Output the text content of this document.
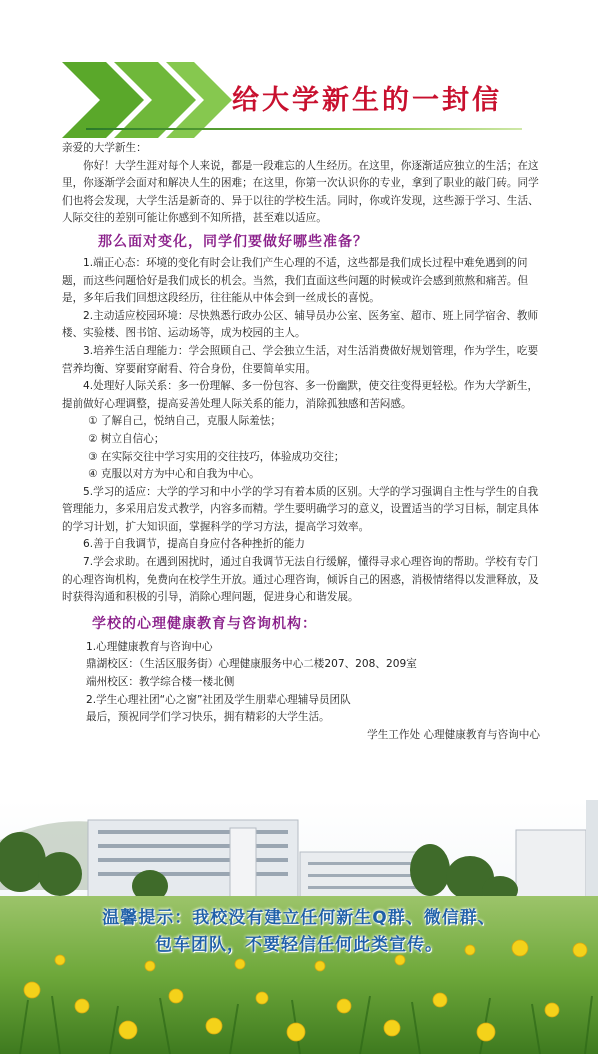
给大学新生的一封信

亲爱的大学新生：

你好！大学生涯对每个人来说，都是一段难忘的人生经历。在这里，你逐渐适应独立的生活；在这里，你逐渐学会面对和解决人生的困难；在这里，你第一次认识你的专业，拿到了职业的敲门砖。同学们也将会发现，大学生活是新奇的、异于以往的学校生活。同时，你或许发现，这些源于学习、生活、人际交往的差别可能让你感到不知所措，甚至难以适应。

那么面对变化，同学们要做好哪些准备？

1.端正心态：环境的变化有时会让我们产生心理的不适，这些都是我们成长过程中难免遇到的问题，而这些问题恰好是我们成长的机会。当然，我们直面这些问题的时候或许会感到煎熬和痛苦。但是，多年后我们回想这段经历，往往能从中体会到一丝成长的喜悦。

2.主动适应校园环境：尽快熟悉行政办公区、辅导员办公室、医务室、超市、班上同学宿舍、教师楼、实验楼、图书馆、运动场等，成为校园的主人。

3.培养生活自理能力：学会照顾自己、学会独立生活，对生活消费做好规划管理，作为学生，吃要营养均衡、穿要耐穿耐看、符合身份，住要简单实用。

4.处理好人际关系：多一份理解、多一份包容、多一份幽默，使交往变得更轻松。作为大学新生，提前做好心理调整，提高妥善处理人际关系的能力，消除孤独感和苦闷感。

① 了解自己，悦纳自己，克服人际羞怯；

② 树立自信心；

③ 在实际交往中学习实用的交往技巧，体验成功交往；

④ 克服以对方为中心和自我为中心。

5.学习的适应：大学的学习和中小学的学习有着本质的区别。大学的学习强调自主性与学生的自我管理能力，多采用启发式教学，内容多而精。学生要明确学习的意义，设置适当的学习目标，制定具体的学习计划，扩大知识面，掌握科学的学习方法，提高学习效率。

6.善于自我调节，提高自身应付各种挫折的能力

7.学会求助。在遇到困扰时，通过自我调节无法自行缓解，懂得寻求心理咨询的帮助。学校有专门的心理咨询机构，免费向在校学生开放。通过心理咨询，倾诉自己的困惑，消极情绪得以发泄释放，及时获得沟通和积极的引导，消除心理问题，促进身心和谐发展。

学校的心理健康教育与咨询机构：

1.心理健康教育与咨询中心

鼎湖校区：（生活区服务街）心理健康服务中心二楼207、208、209室

端州校区：教学综合楼一楼北侧

2.学生心理社团“心之窗”社团及学生朋辈心理辅导员团队

最后，预祝同学们学习快乐，拥有精彩的大学生活。

学生工作处 心理健康教育与咨询中心

温馨提示：我校没有建立任何新生Q群、微信群、
包车团队，不要轻信任何此类宣传。
